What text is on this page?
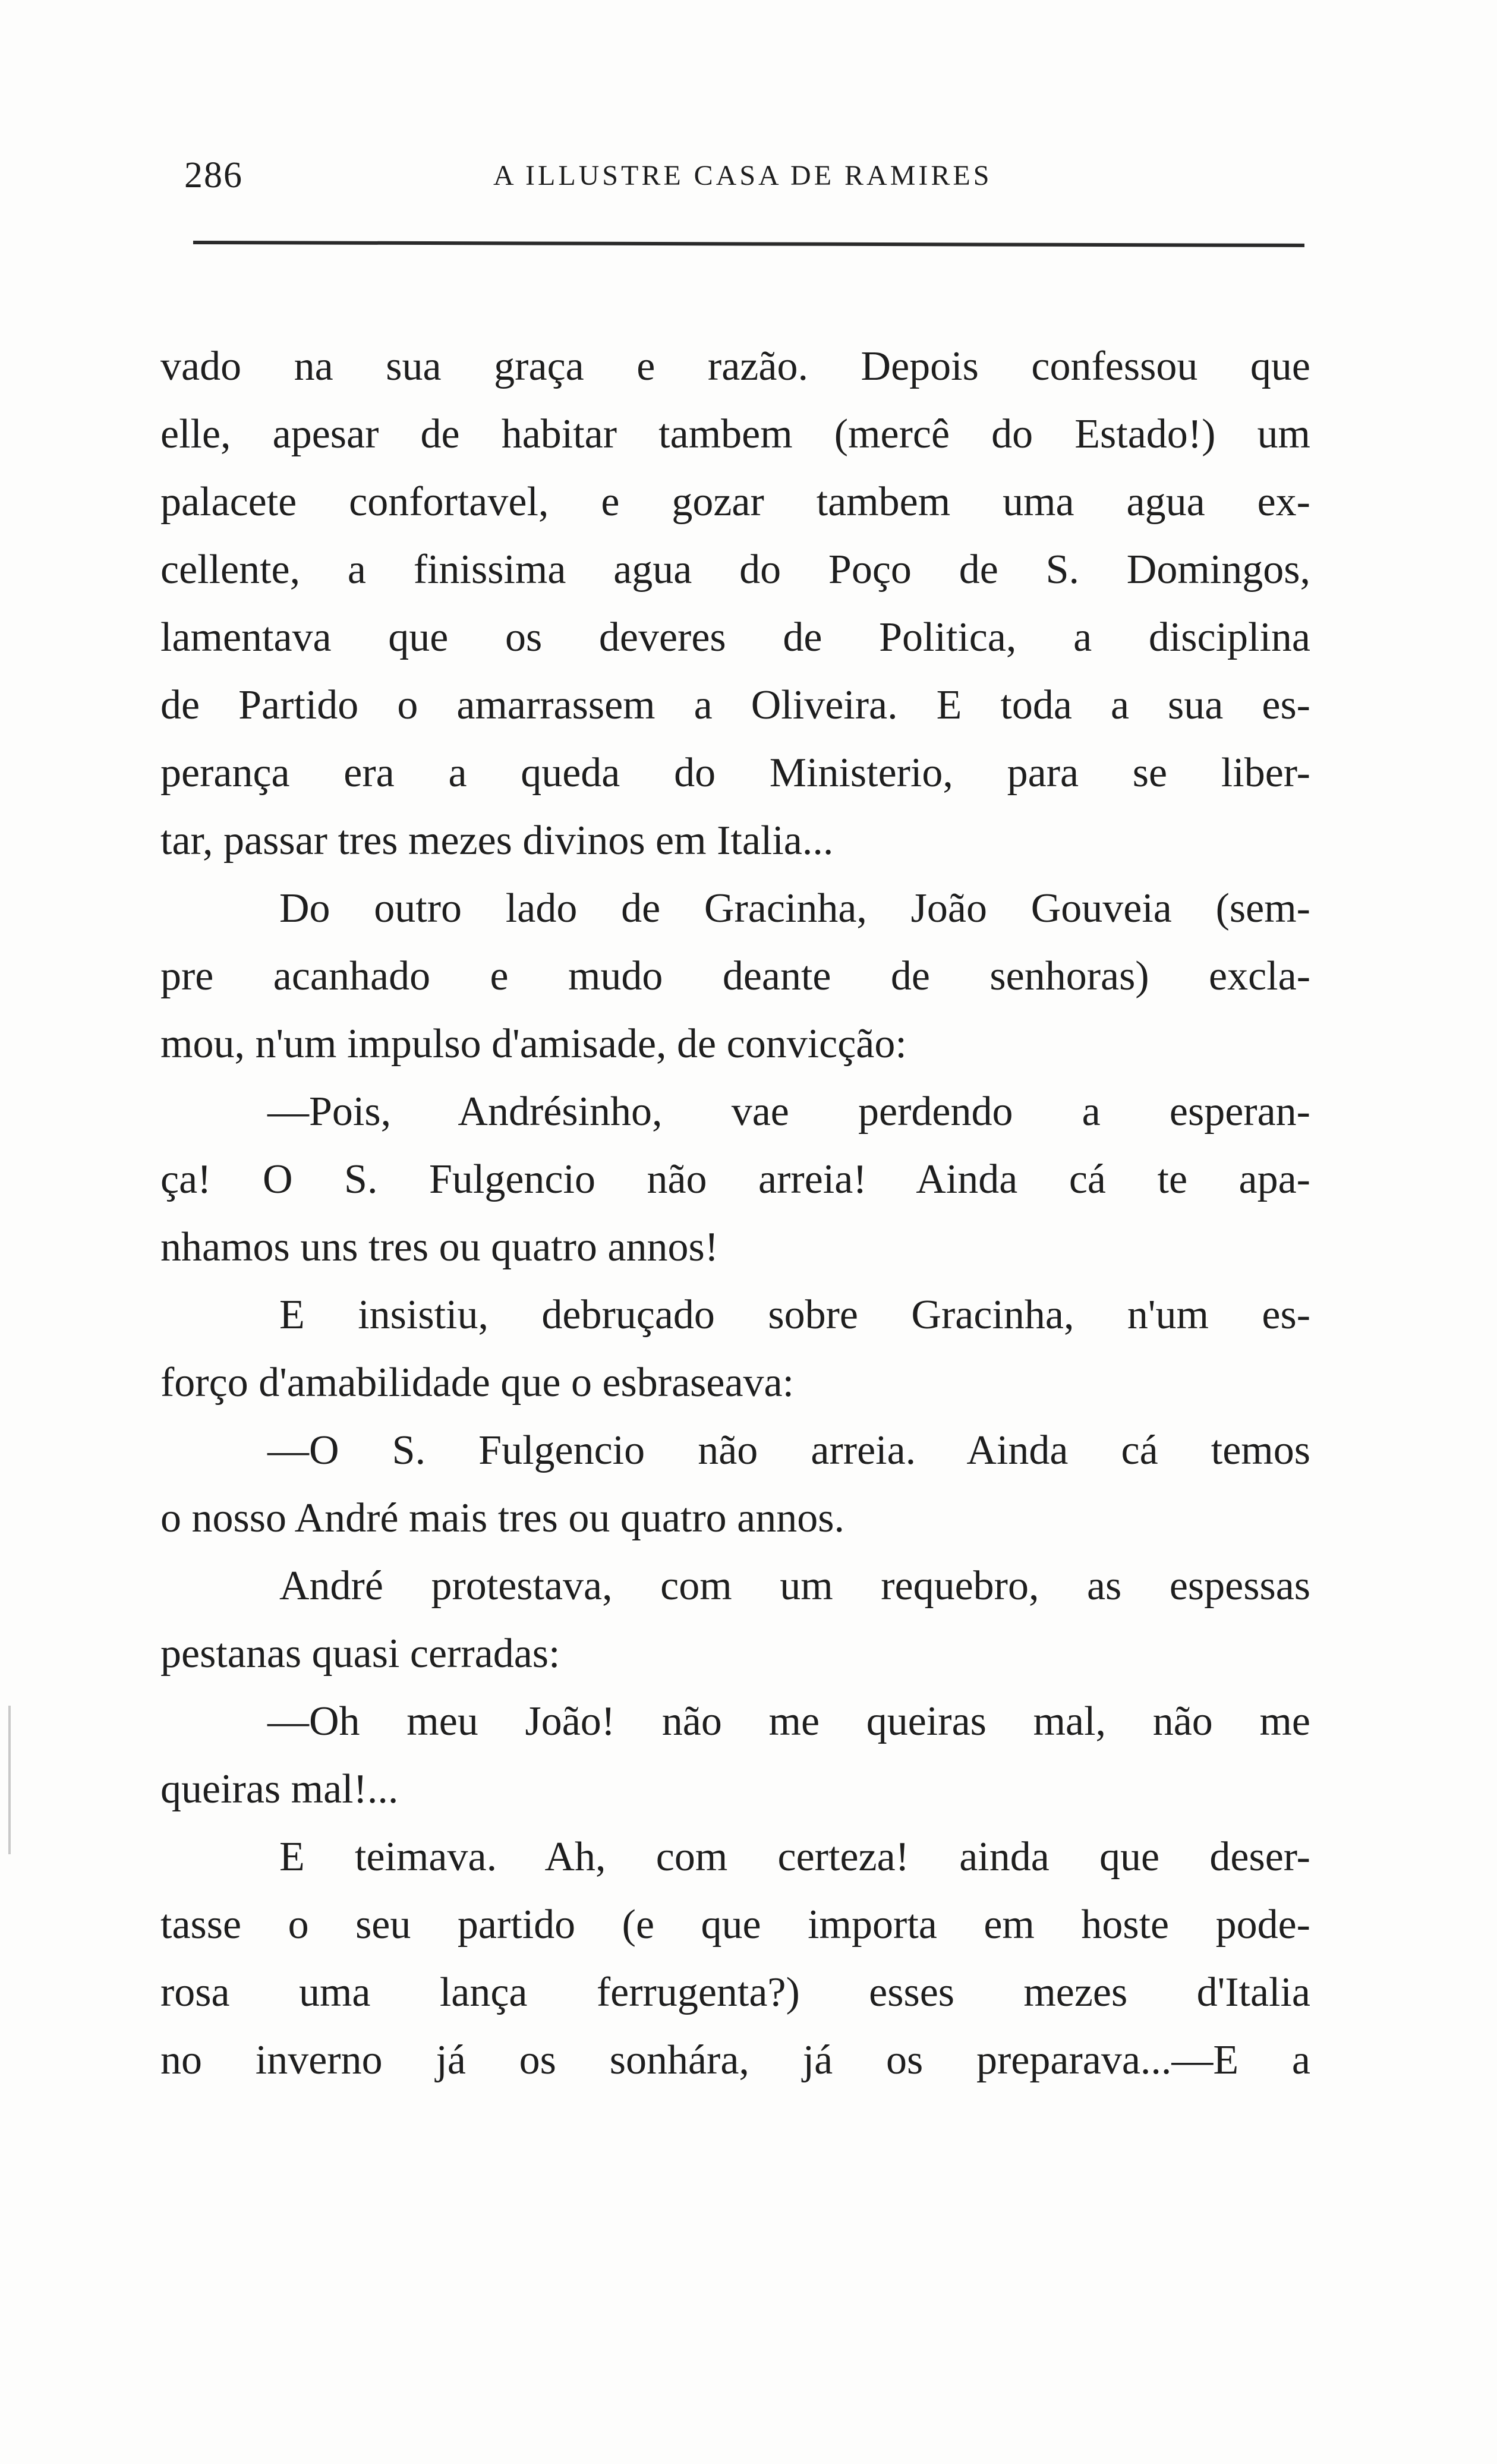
286	A ILLUSTRE CASA DE RAMIRES
vado na sua graça e razão. Depois confessou que
elle, apesar de habitar tambem (mercê do Estado!) um
palacete confortavel, e gozar tambem uma agua ex-
cellente, a finissima agua do Poço de S. Domingos,
lamentava que os deveres de Politica, a disciplina
de Partido o amarrassem a Oliveira. E toda a sua es-
perança era a queda do Ministerio, para se liber-
tar, passar tres mezes divinos em Italia...
Do outro lado de Gracinha, João Gouveia (sem-
pre acanhado e mudo deante de senhoras) excla-
mou, n'um impulso d'amisade, de convicção:
—Pois, Andrésinho, vae perdendo a esperan-
ça! O S. Fulgencio não arreia! Ainda cá te apa-
nhamos uns tres ou quatro annos!
E insistiu, debruçado sobre Gracinha, n'um es-
forço d'amabilidade que o esbraseava:
—O S. Fulgencio não arreia. Ainda cá temos
o nosso André mais tres ou quatro annos.
André protestava, com um requebro, as espessas
pestanas quasi cerradas:
—Oh meu João! não me queiras mal, não me
queiras mal!...
E teimava. Ah, com certeza! ainda que deser-
tasse o seu partido (e que importa em hoste pode-
rosa uma lança ferrugenta?) esses mezes d'Italia
no inverno já os sonhára, já os preparava...—E a
